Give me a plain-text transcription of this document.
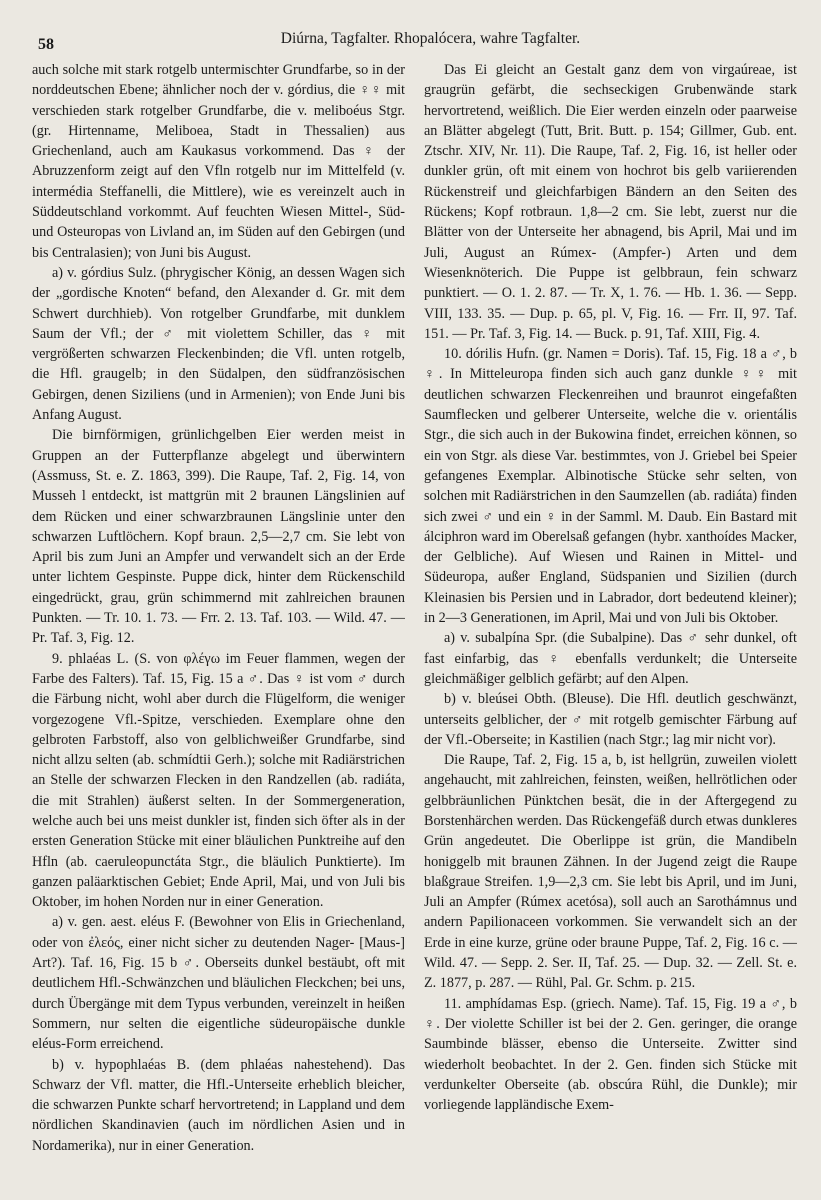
58	Diúrna, Tagfalter. Rhopalócera, wahre Tagfalter.

auch solche mit stark rotgelb untermischter Grundfarbe, so in der norddeutschen Ebene; ähnlicher noch der v. górdius, die ♀♀ mit verschieden stark rotgelber Grundfarbe, die v. meliboéus Stgr. (gr. Hirtenname, Meliboea, Stadt in Thessalien) aus Griechenland, auch am Kaukasus vorkommend. Das ♀ der Abruzzenform zeigt auf den Vfln rotgelb nur im Mittelfeld (v. intermédia Steffanelli, die Mittlere), wie es vereinzelt auch in Süddeutschland vorkommt. Auf feuchten Wiesen Mittel-, Süd- und Osteuropas von Livland an, im Süden auf den Gebirgen (und bis Centralasien); von Juni bis August.

a) v. górdius Sulz. (phrygischer König, an dessen Wagen sich der „gordische Knoten“ befand, den Alexander d. Gr. mit dem Schwert durchhieb). Von rotgelber Grundfarbe, mit dunklem Saum der Vfl.; der ♂ mit violettem Schiller, das ♀ mit vergrößerten schwarzen Fleckenbinden; die Vfl. unten rotgelb, die Hfl. graugelb; in den Südalpen, den südfranzösischen Gebirgen, denen Siziliens (und in Armenien); von Ende Juni bis Anfang August.

Die birnförmigen, grünlichgelben Eier werden meist in Gruppen an der Futterpflanze abgelegt und überwintern (Assmuss, St. e. Z. 1863, 399). Die Raupe, Taf. 2, Fig. 14, von Musseh l entdeckt, ist mattgrün mit 2 braunen Längslinien auf dem Rücken und einer schwarzbraunen Längslinie unter den schwarzen Luftlöchern. Kopf braun. 2,5—2,7 cm. Sie lebt von April bis zum Juni an Ampfer und verwandelt sich an der Erde unter lichtem Gespinste. Puppe dick, hinter dem Rückenschild eingedrückt, grau, grün schimmernd mit zahlreichen braunen Punkten. — Tr. 10. 1. 73. — Frr. 2. 13. Taf. 103. — Wild. 47. — Pr. Taf. 3, Fig. 12.

9. phlaéas L. (S. von φλέγω im Feuer flammen, wegen der Farbe des Falters). Taf. 15, Fig. 15 a ♂. Das ♀ ist vom ♂ durch die Färbung nicht, wohl aber durch die Flügelform, die weniger vorgezogene Vfl.-Spitze, verschieden. Exemplare ohne den gelbroten Farbstoff, also von gelblichweißer Grundfarbe, sind nicht allzu selten (ab. schmídtii Gerh.); solche mit Radiärstrichen an Stelle der schwarzen Flecken in den Randzellen (ab. radiáta, die mit Strahlen) äußerst selten. In der Sommergeneration, welche auch bei uns meist dunkler ist, finden sich öfter als in der ersten Generation Stücke mit einer bläulichen Punktreihe auf den Hfln (ab. caeruleopunctáta Stgr., die bläulich Punktierte). Im ganzen paläarktischen Gebiet; Ende April, Mai, und von Juli bis Oktober, im hohen Norden nur in einer Generation.

a) v. gen. aest. eléus F. (Bewohner von Elis in Griechenland, oder von ἐλεός, einer nicht sicher zu deutenden Nager- [Maus-] Art?). Taf. 16, Fig. 15 b ♂. Oberseits dunkel bestäubt, oft mit deutlichem Hfl.-Schwänzchen und bläulichen Fleckchen; bei uns, durch Übergänge mit dem Typus verbunden, vereinzelt in heißen Sommern, nur selten die eigentliche südeuropäische dunkle eléus-Form erreichend.

b) v. hypophlaéas B. (dem phlaéas nahestehend). Das Schwarz der Vfl. matter, die Hfl.-Unterseite erheblich bleicher, die schwarzen Punkte scharf hervortretend; in Lappland und dem nördlichen Skandinavien (auch im nördlichen Asien und in Nordamerika), nur in einer Generation.

Das Ei gleicht an Gestalt ganz dem von virgaúreae, ist graugrün gefärbt, die sechseckigen Grubenwände stark hervortretend, weißlich. Die Eier werden einzeln oder paarweise an Blätter abgelegt (Tutt, Brit. Butt. p. 154; Gillmer, Gub. ent. Ztschr. XIV, Nr. 11). Die Raupe, Taf. 2, Fig. 16, ist heller oder dunkler grün, oft mit einem von hochrot bis gelb variierenden Rückenstreif und gleichfarbigen Bändern an den Seiten des Rückens; Kopf rotbraun. 1,8—2 cm. Sie lebt, zuerst nur die Blätter von der Unterseite her abnagend, bis April, Mai und im Juli, August an Rúmex- (Ampfer-) Arten und dem Wiesenknöterich. Die Puppe ist gelbbraun, fein schwarz punktiert. — O. 1. 2. 87. — Tr. X, 1. 76. — Hb. 1. 36. — Sepp. VIII, 133. 35. — Dup. p. 65, pl. V, Fig. 16. — Frr. II, 97. Taf. 151. — Pr. Taf. 3, Fig. 14. — Buck. p. 91, Taf. XIII, Fig. 4.

10. dórilis Hufn. (gr. Namen = Doris). Taf. 15, Fig. 18 a ♂, b ♀. In Mitteleuropa finden sich auch ganz dunkle ♀♀ mit deutlichen schwarzen Fleckenreihen und braunrot eingefaßten Saumflecken und gelberer Unterseite, welche die v. orientális Stgr., die sich auch in der Bukowina findet, erreichen können, so ein von Stgr. als diese Var. bestimmtes, von J. Griebel bei Speier gefangenes Exemplar. Albinotische Stücke sehr selten, von solchen mit Radiärstrichen in den Saumzellen (ab. radiáta) finden sich zwei ♂ und ein ♀ in der Samml. M. Daub. Ein Bastard mit álciphron ward im Oberelsaß gefangen (hybr. xanthoídes Macker, der Gelbliche). Auf Wiesen und Rainen in Mittel- und Südeuropa, außer England, Südspanien und Sizilien (durch Kleinasien bis Persien und in Labrador, dort bedeutend kleiner); in 2—3 Generationen, im April, Mai und von Juli bis Oktober.

a) v. subalpína Spr. (die Subalpine). Das ♂ sehr dunkel, oft fast einfarbig, das ♀ ebenfalls verdunkelt; die Unterseite gleichmäßiger gelblich gefärbt; auf den Alpen.

b) v. bleúsei Obth. (Bleuse). Die Hfl. deutlich geschwänzt, unterseits gelblicher, der ♂ mit rotgelb gemischter Färbung auf der Vfl.-Oberseite; in Kastilien (nach Stgr.; lag mir nicht vor).

Die Raupe, Taf. 2, Fig. 15 a, b, ist hellgrün, zuweilen violett angehaucht, mit zahlreichen, feinsten, weißen, hellrötlichen oder gelbbräunlichen Pünktchen besät, die in der Aftergegend zu Borstenhärchen werden. Das Rückengefäß durch etwas dunkleres Grün angedeutet. Die Oberlippe ist grün, die Mandibeln honiggelb mit braunen Zähnen. In der Jugend zeigt die Raupe blaßgraue Streifen. 1,9—2,3 cm. Sie lebt bis April, und im Juni, Juli an Ampfer (Rúmex acetósa), soll auch an Sarothámnus und andern Papilionaceen vorkommen. Sie verwandelt sich an der Erde in eine kurze, grüne oder braune Puppe, Taf. 2, Fig. 16 c. — Wild. 47. — Sepp. 2. Ser. II, Taf. 25. — Dup. 32. — Zell. St. e. Z. 1877, p. 287. — Rühl, Pal. Gr. Schm. p. 215.

11. amphídamas Esp. (griech. Name). Taf. 15, Fig. 19 a ♂, b ♀. Der violette Schiller ist bei der 2. Gen. geringer, die orange Saumbinde blässer, ebenso die Unterseite. Zwitter sind wiederholt beobachtet. In der 2. Gen. finden sich Stücke mit verdunkelter Oberseite (ab. obscúra Rühl, die Dunkle); mir vorliegende lappländische Exem-
